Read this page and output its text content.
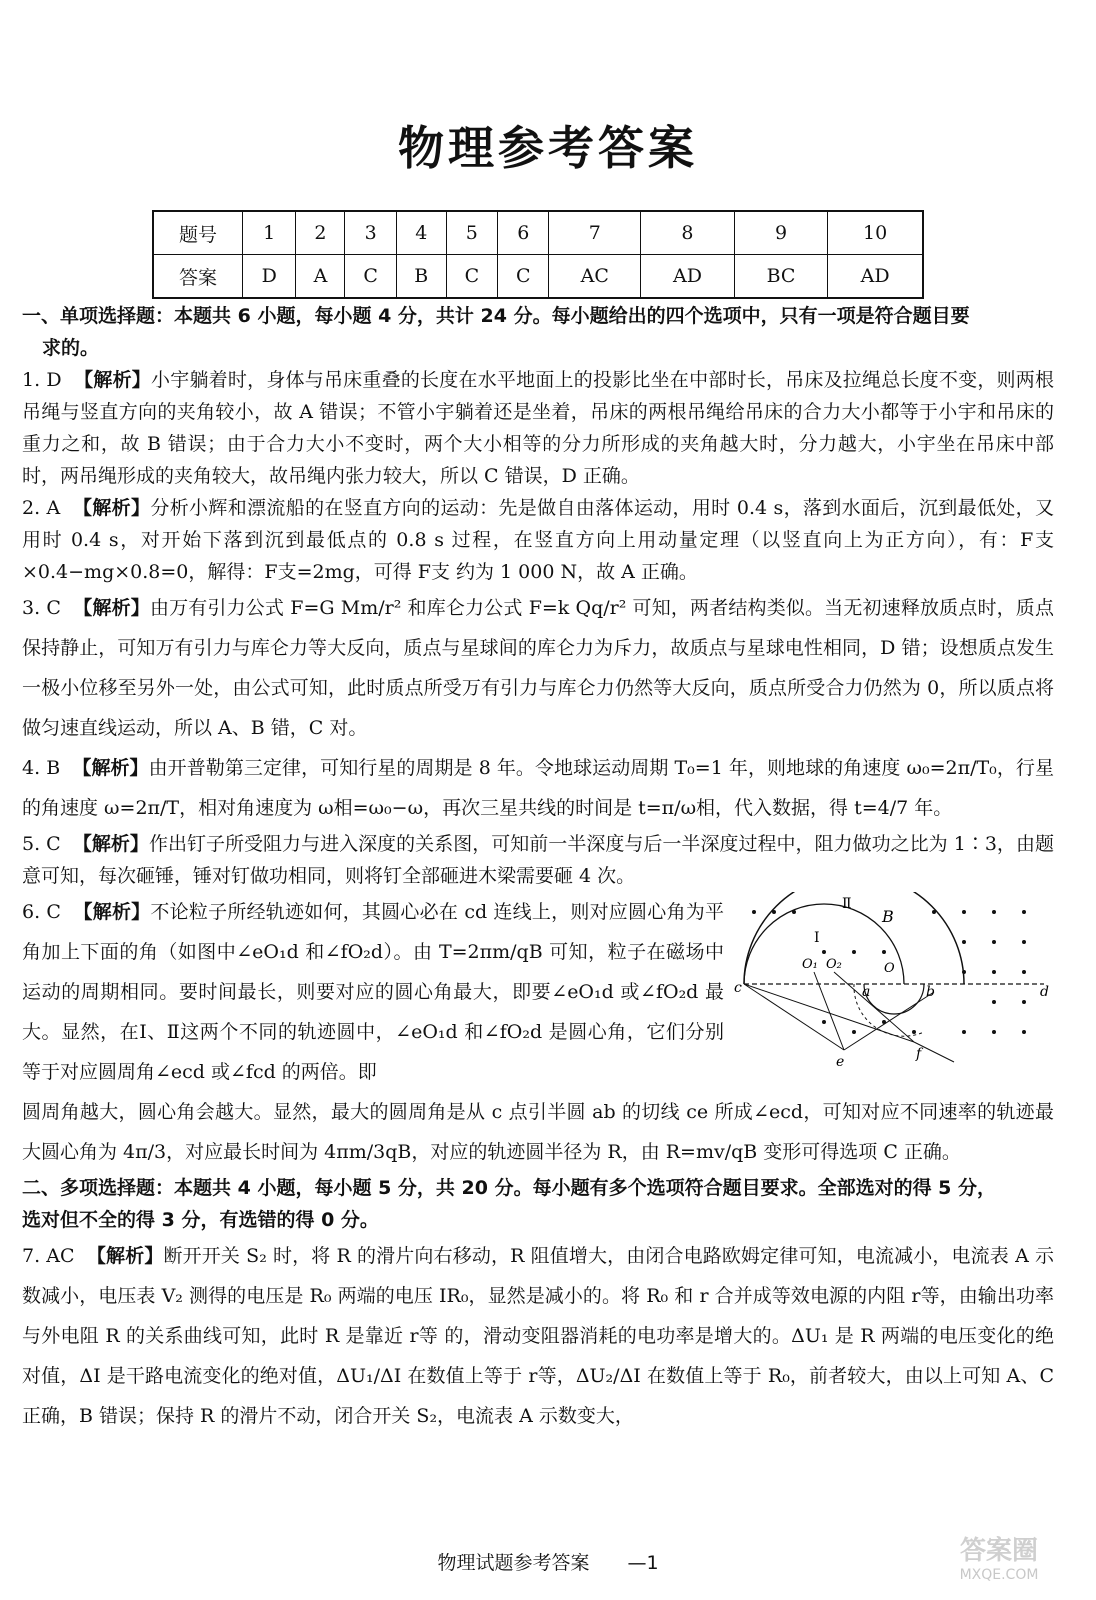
物理参考答案
题号	1	2	3	4	5	6	7	8	9	10
答案	D	A	C	B	C	C	AC	AD	BC	AD

一、单项选择题：本题共 6 小题，每小题 4 分，共计 24 分。每小题给出的四个选项中，只有一项是符合题目要
求的。

1. D 【解析】小宇躺着时，身体与吊床重叠的长度在水平地面上的投影比坐在中部时长，吊床及拉绳总长度不变，则两根吊绳与竖直方向的夹角较小，故 A 错误；不管小宇躺着还是坐着，吊床的两根吊绳给吊床的合力大小都等于小宇和吊床的重力之和，故 B 错误；由于合力大小不变时，两个大小相等的分力所形成的夹角越大时，分力越大，小宇坐在吊床中部时，两吊绳形成的夹角较大，故吊绳内张力较大，所以 C 错误，D 正确。

2. A 【解析】分析小辉和漂流船的在竖直方向的运动：先是做自由落体运动，用时 0.4 s，落到水面后，沉到最低处，又用时 0.4 s，对开始下落到沉到最低点的 0.8 s 过程，在竖直方向上用动量定理（以竖直向上为正方向），有：F支×0.4−mg×0.8=0，解得：F支=2mg，可得 F支 约为 1 000 N，故 A 正确。

3. C 【解析】由万有引力公式 F=G Mm/r² 和库仑力公式 F=k Qq/r² 可知，两者结构类似。当无初速释放质点时，质点保持静止，可知万有引力与库仑力等大反向，质点与星球间的库仑力为斥力，故质点与星球电性相同，D 错；设想质点发生一极小位移至另外一处，由公式可知，此时质点所受万有引力与库仑力仍然等大反向，质点所受合力仍然为 0，所以质点将做匀速直线运动，所以 A、B 错，C 对。

4. B 【解析】由开普勒第三定律，可知行星的周期是 8 年。令地球运动周期 T₀=1 年，则地球的角速度 ω₀=2π/T₀，行星的角速度 ω=2π/T，相对角速度为 ω相=ω₀−ω，再次三星共线的时间是 t=π/ω相，代入数据，得 t=4/7 年。

5. C 【解析】作出钉子所受阻力与进入深度的关系图，可知前一半深度与后一半深度过程中，阻力做功之比为 1∶3，由题意可知，每次砸锤，锤对钉做功相同，则将钉全部砸进木梁需要砸 4 次。

6. C 【解析】不论粒子所经轨迹如何，其圆心必在 cd 连线上，则对应圆心角为平角加上下面的角（如图中∠eO₁d 和∠fO₂d）。由 T=2πm/qB 可知，粒子在磁场中运动的周期相同。要时间最长，则要对应的圆心角最大，即要∠eO₁d 或∠fO₂d 最大。显然，在Ⅰ、Ⅱ这两个不同的轨迹圆中，∠eO₁d 和∠fO₂d 是圆心角，它们分别等于对应圆周角∠ecd 或∠fcd 的两倍。即

Ⅱ
B
Ⅰ
O₁ O₂	O
c	a	b	d
e	f

圆周角越大，圆心角会越大。显然，最大的圆周角是从 c 点引半圆 ab 的切线 ce 所成∠ecd，可知对应不同速率的轨迹最大圆心角为 4π/3，对应最长时间为 4πm/3qB，对应的轨迹圆半径为 R，由 R=mv/qB 变形可得选项 C 正确。

二、多项选择题：本题共 4 小题，每小题 5 分，共 20 分。每小题有多个选项符合题目要求。全部选对的得 5 分，
选对但不全的得 3 分，有选错的得 0 分。

7. AC 【解析】断开开关 S₂ 时，将 R 的滑片向右移动，R 阻值增大，由闭合电路欧姆定律可知，电流减小，电流表 A 示数减小，电压表 V₂ 测得的电压是 R₀ 两端的电压 IR₀，显然是减小的。将 R₀ 和 r 合并成等效电源的内阻 r等，由输出功率与外电阻 R 的关系曲线可知，此时 R 是靠近 r等 的，滑动变阻器消耗的电功率是增大的。ΔU₁ 是 R 两端的电压变化的绝对值，ΔI 是干路电流变化的绝对值，ΔU₁/ΔI 在数值上等于 r等，ΔU₂/ΔI 在数值上等于 R₀，前者较大，由以上可知 A、C 正确，B 错误；保持 R 的滑片不动，闭合开关 S₂，电流表 A 示数变大，

物理试题参考答案　　—1	答案圈
MXQE.COM
